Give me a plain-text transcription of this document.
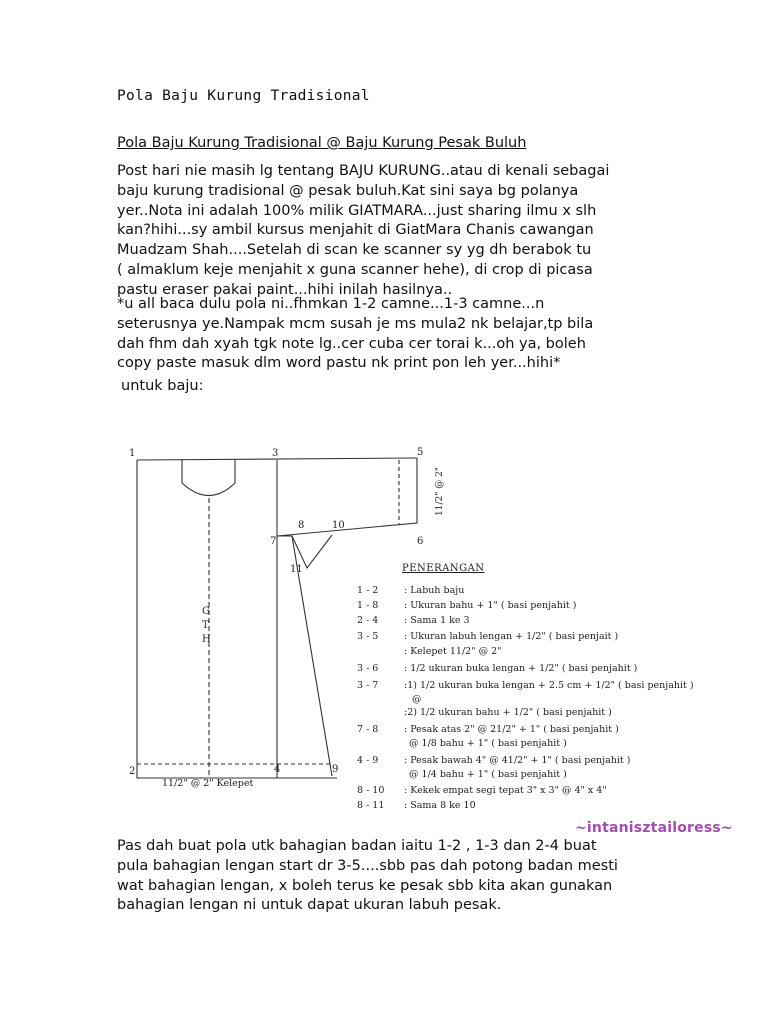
Pola Baju Kurung Tradisional
Pola Baju Kurung Tradisional @ Baju Kurung Pesak Buluh
Post hari nie masih lg tentang BAJU KURUNG..atau di kenali sebagai
baju kurung tradisional @ pesak buluh.Kat sini saya bg polanya
yer..Nota ini adalah 100% milik GIATMARA...just sharing ilmu x slh
kan?hihi...sy ambil kursus menjahit di GiatMara Chanis cawangan
Muadzam Shah....Setelah di scan ke scanner sy yg dh berabok tu
( almaklum keje menjahit x guna scanner hehe), di crop di picasa
pastu eraser pakai paint...hihi inilah hasilnya..
*u all baca dulu pola ni..fhmkan 1-2 camne...1-3 camne...n
seterusnya ye.Nampak mcm susah je ms mula2 nk belajar,tp bila
dah fhm dah xyah tgk note lg..cer cuba cer torai k...oh ya, boleh
copy paste masuk dlm word pastu nk print pon leh yer...hihi*
untuk baju:
1
2
3
4
5
6
7
8
9
10
11
G
T
H
11/2" @ 2" Kelepet
11/2" @ 2"
PENERANGAN
1 - 2	: Labuh baju
1 - 8	: Ukuran bahu + 1" ( basi penjahit )
2 - 4	: Sama 1 ke 3
3 - 5	: Ukuran labuh lengan + 1/2" ( basi penjait )
: Kelepet 11/2" @ 2"
3 - 6	: 1/2 ukuran buka lengan + 1/2" ( basi penjahit )
3 - 7	:1) 1/2 ukuran buka lengan + 2.5 cm + 1/2" ( basi penjahit )
@
:2) 1/2 ukuran bahu + 1/2" ( basi penjahit )
7 - 8	: Pesak atas 2" @ 21/2" + 1" ( basi penjahit )
@ 1/8 bahu + 1" ( basi penjahit )
4 - 9	: Pesak bawah 4" @ 41/2" + 1" ( basi penjahit )
@ 1/4 bahu + 1" ( basi penjahit )
8 - 10	: Kekek empat segi tepat 3" x 3" @ 4" x 4"
8 - 11	: Sama 8 ke 10
~intanisztailoress~
Pas dah buat pola utk bahagian badan iaitu 1-2 , 1-3 dan 2-4 buat
pula bahagian lengan start dr 3-5....sbb pas dah potong badan mesti
wat bahagian lengan, x boleh terus ke pesak sbb kita akan gunakan
bahagian lengan ni untuk dapat ukuran labuh pesak.
